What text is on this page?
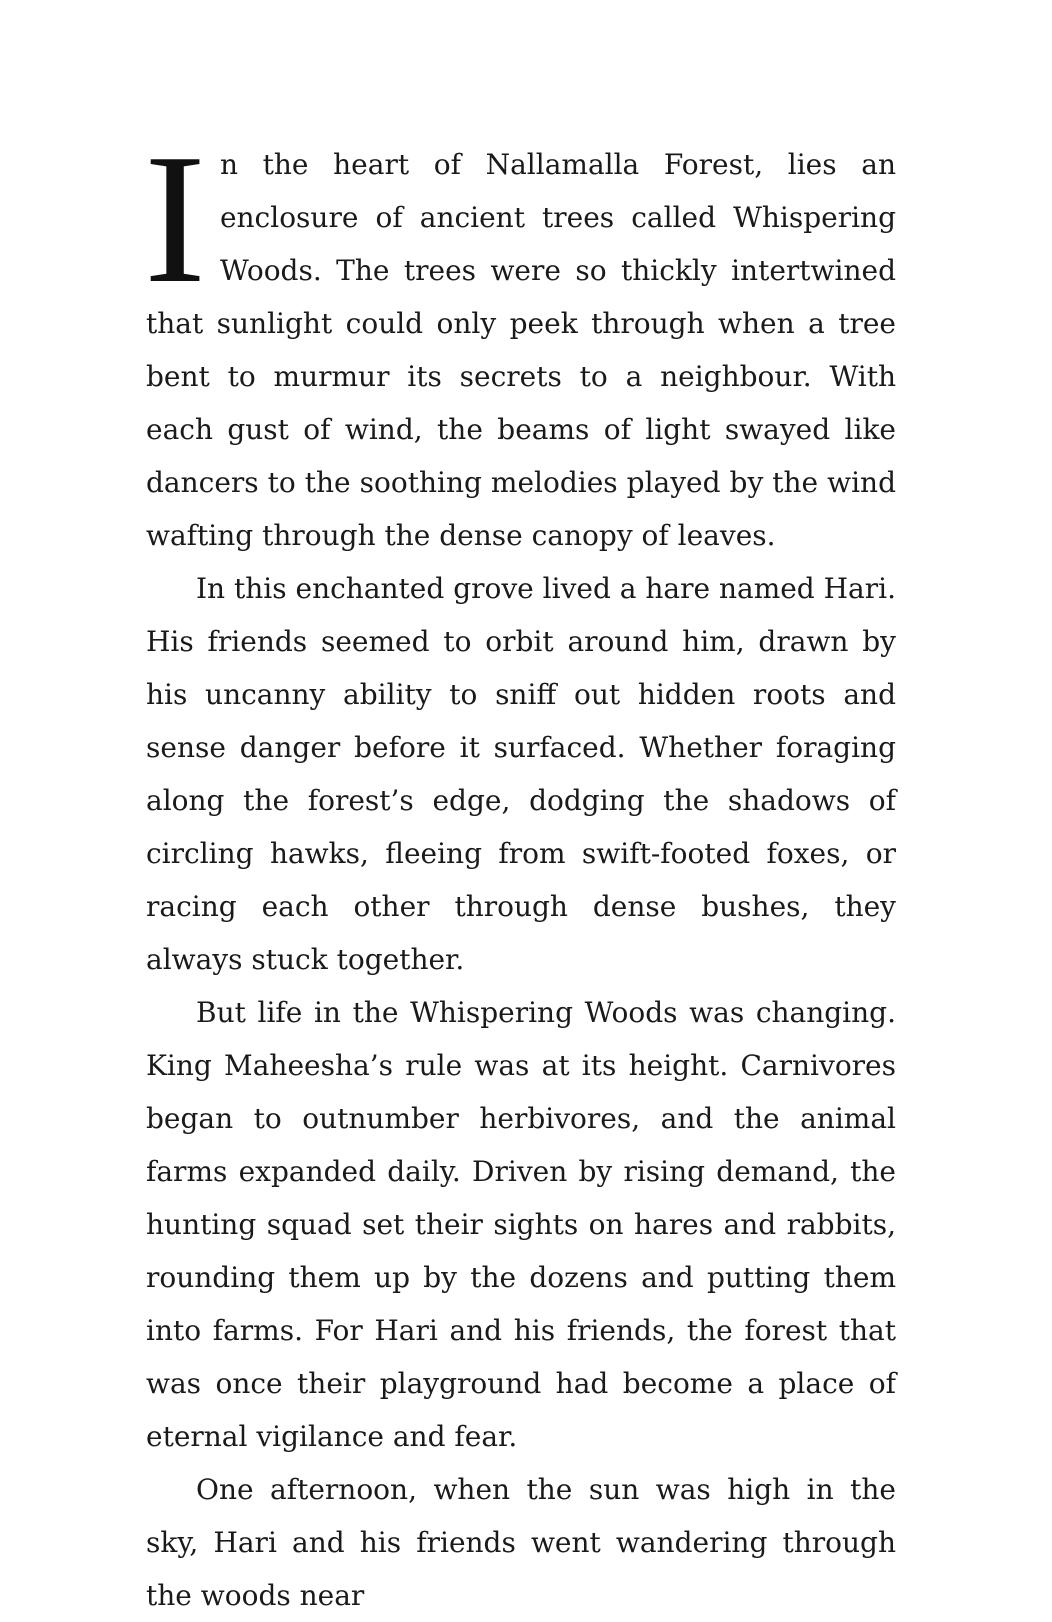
In the heart of Nallamalla Forest, lies an enclosure of ancient trees called Whispering Woods. The trees were so thickly intertwined that sunlight could only peek through when a tree bent to murmur its secrets to a neighbour. With each gust of wind, the beams of light swayed like dancers to the soothing melodies played by the wind wafting through the dense canopy of leaves.

In this enchanted grove lived a hare named Hari. His friends seemed to orbit around him, drawn by his uncanny ability to sniff out hidden roots and sense danger before it surfaced. Whether foraging along the forest’s edge, dodging the shadows of circling hawks, fleeing from swift-footed foxes, or racing each other through dense bushes, they always stuck together.

But life in the Whispering Woods was changing. King Maheesha’s rule was at its height. Carnivores began to outnumber herbivores, and the animal farms expanded daily. Driven by rising demand, the hunting squad set their sights on hares and rabbits, rounding them up by the dozens and putting them into farms. For Hari and his friends, the forest that was once their playground had become a place of eternal vigilance and fear.

One afternoon, when the sun was high in the sky, Hari and his friends went wandering through the woods near
